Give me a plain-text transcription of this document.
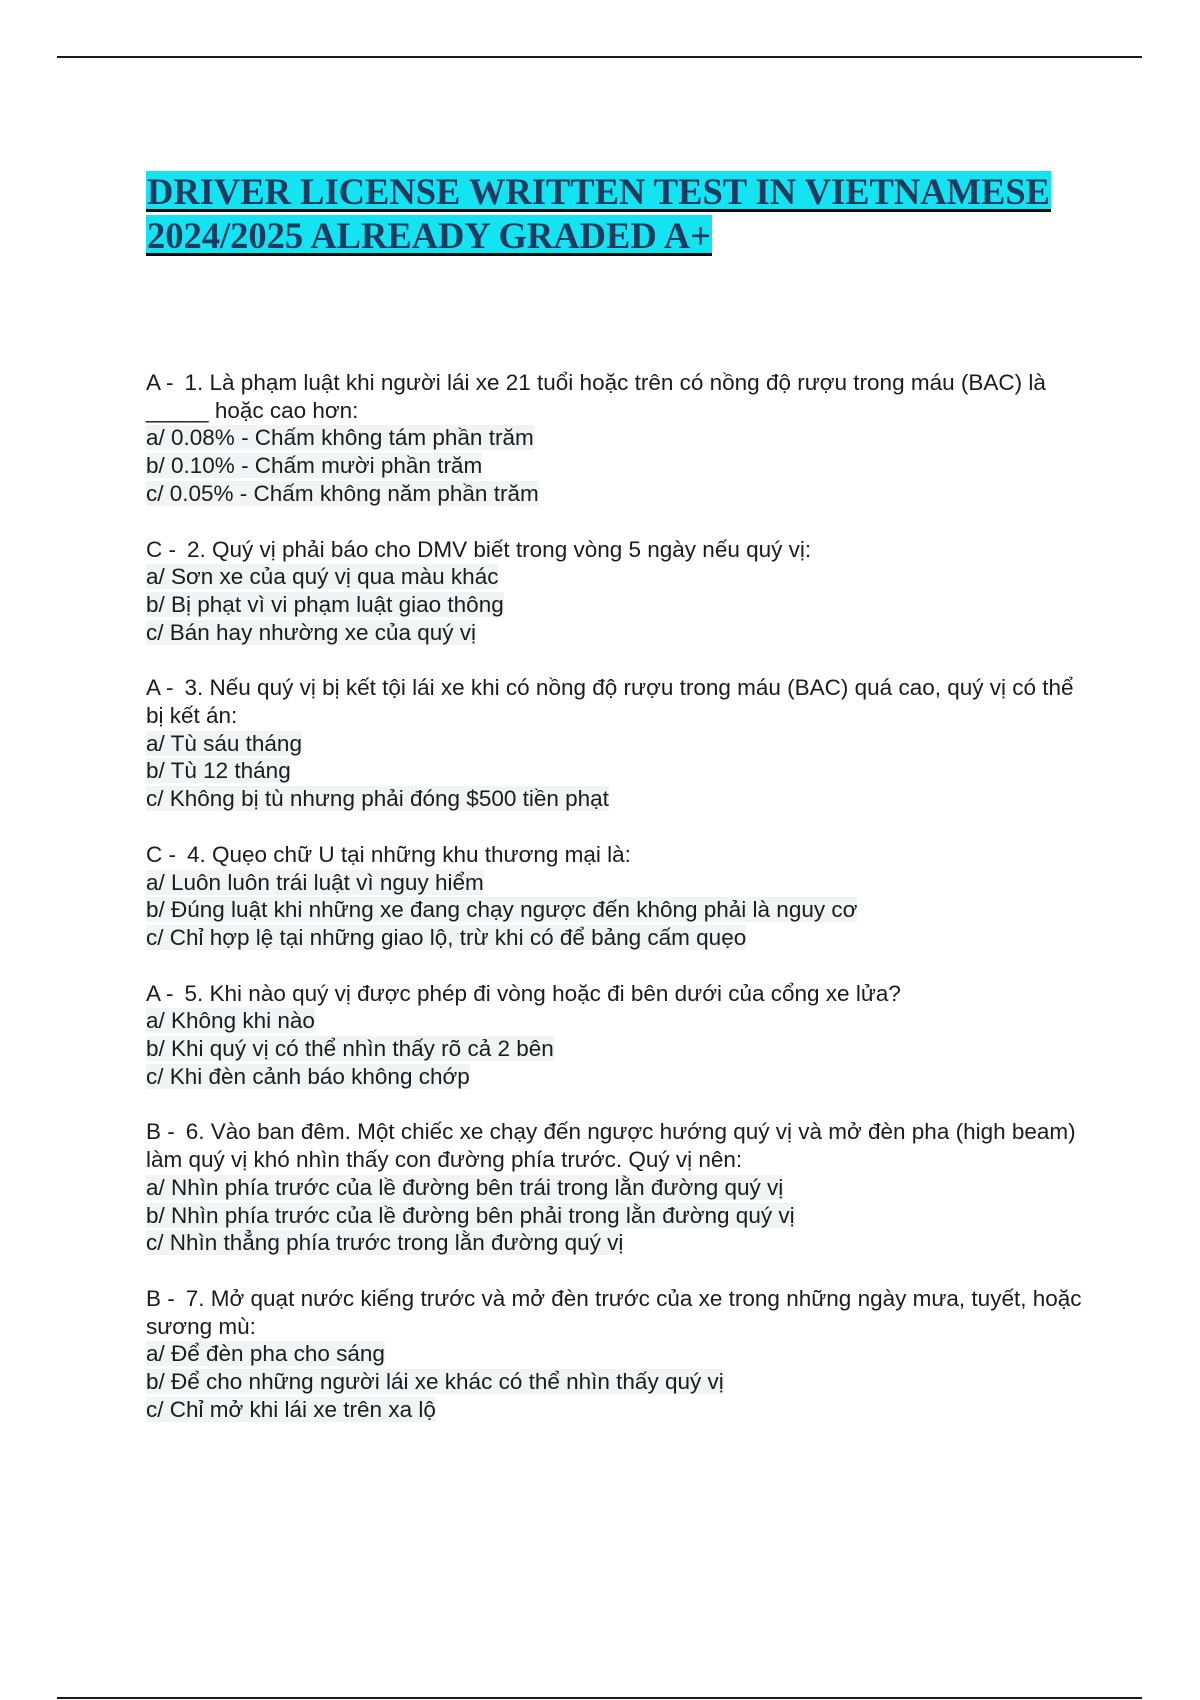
DRIVER LICENSE WRITTEN TEST IN VIETNAMESE
2024/2025 ALREADY GRADED A+
A - 1. Là phạm luật khi người lái xe 21 tuổi hoặc trên có nồng độ rượu trong máu (BAC) là _____ hoặc cao hơn:
a/ 0.08% - Chấm không tám phần trăm
b/ 0.10% - Chấm mười phần trăm
c/ 0.05% - Chấm không năm phần trăm
C - 2. Quý vị phải báo cho DMV biết trong vòng 5 ngày nếu quý vị:
a/ Sơn xe của quý vị qua màu khác
b/ Bị phạt vì vi phạm luật giao thông
c/ Bán hay nhường xe của quý vị
A - 3. Nếu quý vị bị kết tội lái xe khi có nồng độ rượu trong máu (BAC) quá cao, quý vị có thể bị kết án:
a/ Tù sáu tháng
b/ Tù 12 tháng
c/ Không bị tù nhưng phải đóng $500 tiền phạt
C - 4. Quẹo chữ U tại những khu thương mại là:
a/ Luôn luôn trái luật vì nguy hiểm
b/ Đúng luật khi những xe đang chạy ngược đến không phải là nguy cơ
c/ Chỉ hợp lệ tại những giao lộ, trừ khi có để bảng cấm quẹo
A - 5. Khi nào quý vị được phép đi vòng hoặc đi bên dưới của cổng xe lửa?
a/ Không khi nào
b/ Khi quý vị có thể nhìn thấy rõ cả 2 bên
c/ Khi đèn cảnh báo không chớp
B - 6. Vào ban đêm. Một chiếc xe chạy đến ngược hướng quý vị và mở đèn pha (high beam) làm quý vị khó nhìn thấy con đường phía trước. Quý vị nên:
a/ Nhìn phía trước của lề đường bên trái trong lằn đường quý vị
b/ Nhìn phía trước của lề đường bên phải trong lằn đường quý vị
c/ Nhìn thẳng phía trước trong lằn đường quý vị
B - 7. Mở quạt nước kiếng trước và mở đèn trước của xe trong những ngày mưa, tuyết, hoặc sương mù:
a/ Để đèn pha cho sáng
b/ Để cho những người lái xe khác có thể nhìn thấy quý vị
c/ Chỉ mở khi lái xe trên xa lộ
